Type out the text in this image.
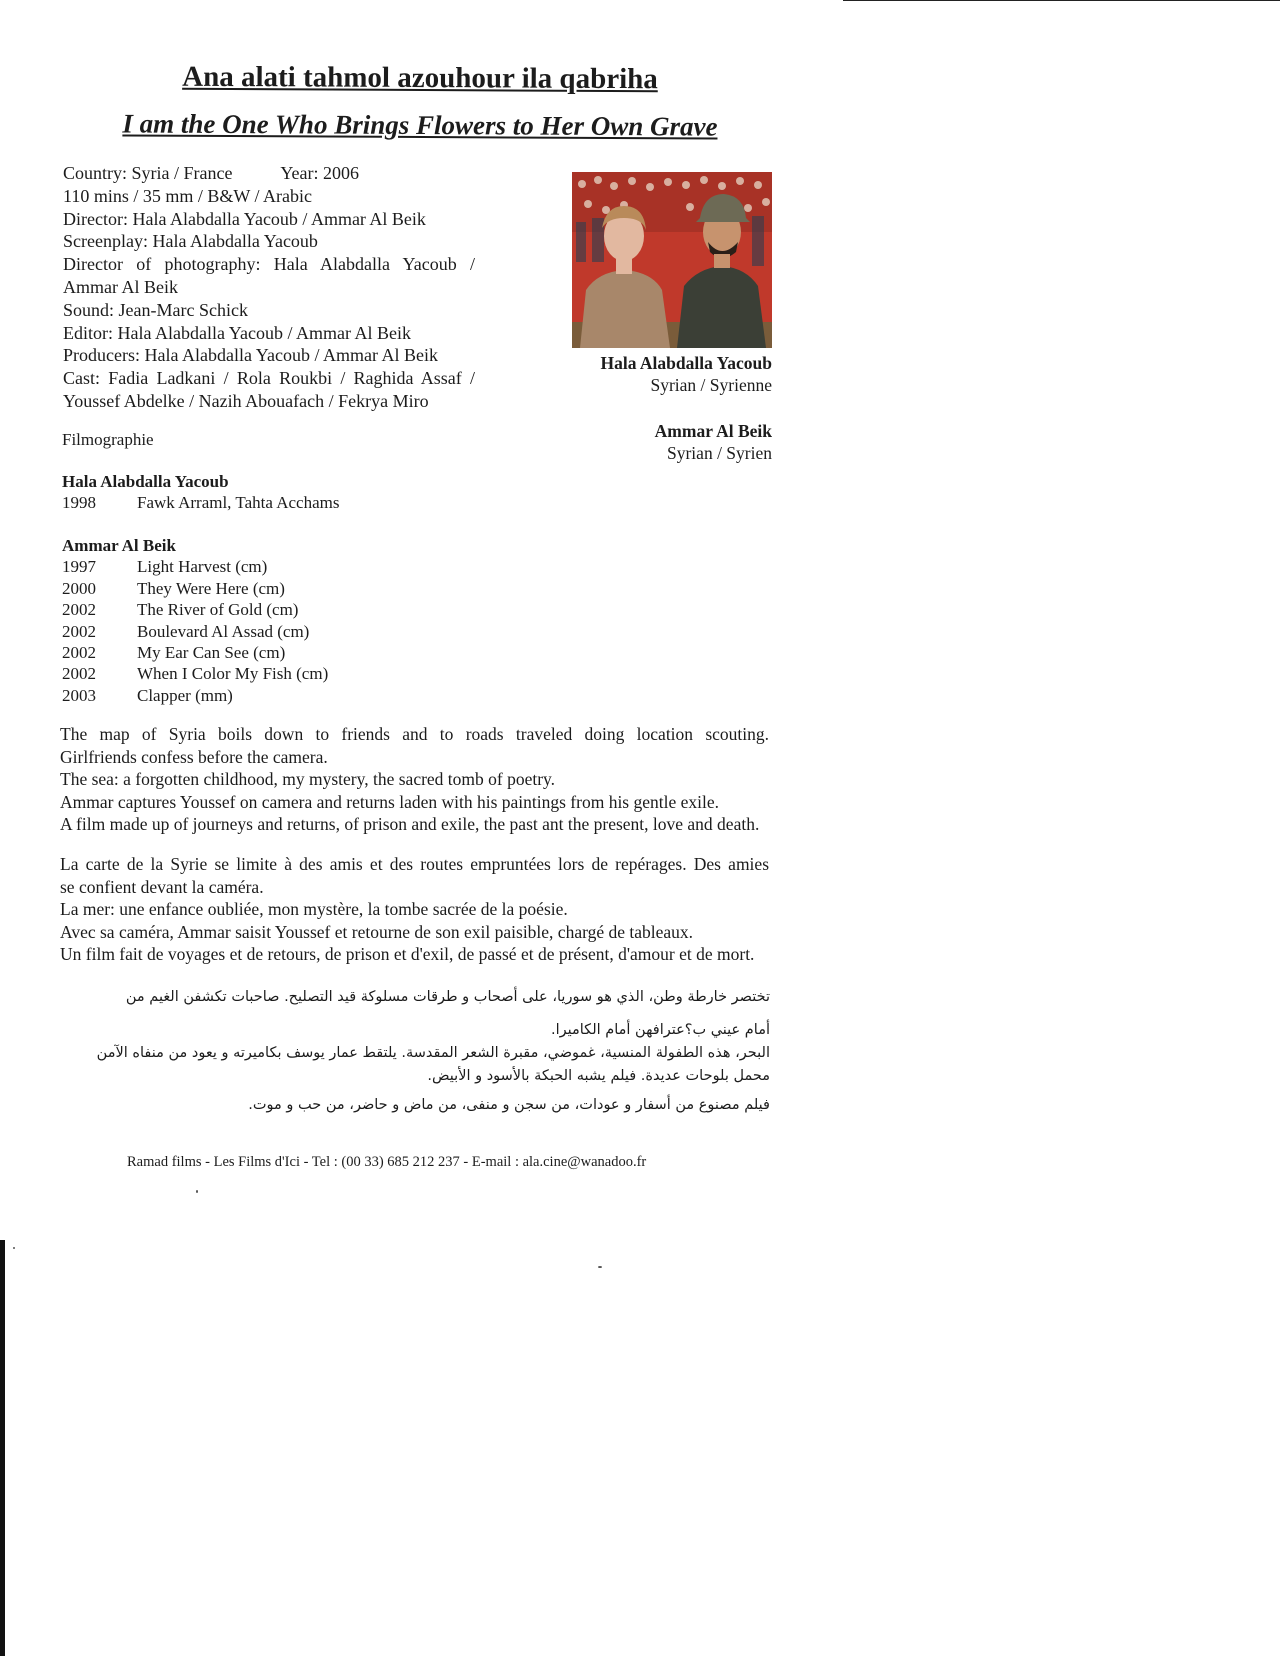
Ana alati tahmol azouhour ila qabriha
I am the One Who Brings Flowers to Her Own Grave
Country: Syria / France	Year: 2006
110 mins / 35 mm / B&W / Arabic
Director: Hala Alabdalla Yacoub / Ammar Al Beik
Screenplay: Hala Alabdalla Yacoub
Director of photography: Hala Alabdalla Yacoub / Ammar Al Beik
Sound: Jean-Marc Schick
Editor: Hala Alabdalla Yacoub / Ammar Al Beik
Producers: Hala Alabdalla Yacoub / Ammar Al Beik
Cast: Fadia Ladkani / Rola Roukbi / Raghida Assaf / Youssef Abdelke / Nazih Abouafach / Fekrya Miro
Hala Alabdalla Yacoub
Syrian / Syrienne
Ammar Al Beik
Syrian / Syrien
Filmographie
Hala Alabdalla Yacoub
1998	Fawk Arraml, Tahta Acchams
Ammar Al Beik
1997	Light Harvest (cm)
2000	They Were Here (cm)
2002	The River of Gold (cm)
2002	Boulevard Al Assad (cm)
2002	My Ear Can See (cm)
2002	When I Color My Fish (cm)
2003	Clapper (mm)
The map of Syria boils down to friends and to roads traveled doing location scouting.
Girlfriends confess before the camera.
The sea: a forgotten childhood, my mystery, the sacred tomb of poetry.
Ammar captures Youssef on camera and returns laden with his paintings from his gentle exile.
A film made up of journeys and returns, of prison and exile, the past ant the present, love and death.
La carte de la Syrie se limite à des amis et des routes empruntées lors de repérages. Des amies
se confient devant la caméra.
La mer: une enfance oubliée, mon mystère, la tombe sacrée de la poésie.
Avec sa caméra, Ammar saisit Youssef et retourne de son exil paisible, chargé de tableaux.
Un film fait de voyages et de retours, de prison et d'exil, de passé et de présent, d'amour et de mort.
تختصر خارطة وطن، الذي هو سوريا، على أصحاب و طرقات مسلوكة قيد التصليح. صاحبات تكشفن الغيم من
أمام عيني ب؟عترافهن أمام الكاميرا.
البحر، هذه الطفولة المنسية، غموضي، مقبرة الشعر المقدسة. يلتقط عمار يوسف بكاميرته و يعود من منفاه الآمن
محمل بلوحات عديدة. فيلم يشبه الحبكة بالأسود و الأبيض.
فيلم مصنوع من أسفار و عودات، من سجن و منفى، من ماض و حاضر، من حب و موت.
Ramad films - Les Films d'Ici - Tel : (00 33) 685 212 237 - E-mail : ala.cine@wanadoo.fr
